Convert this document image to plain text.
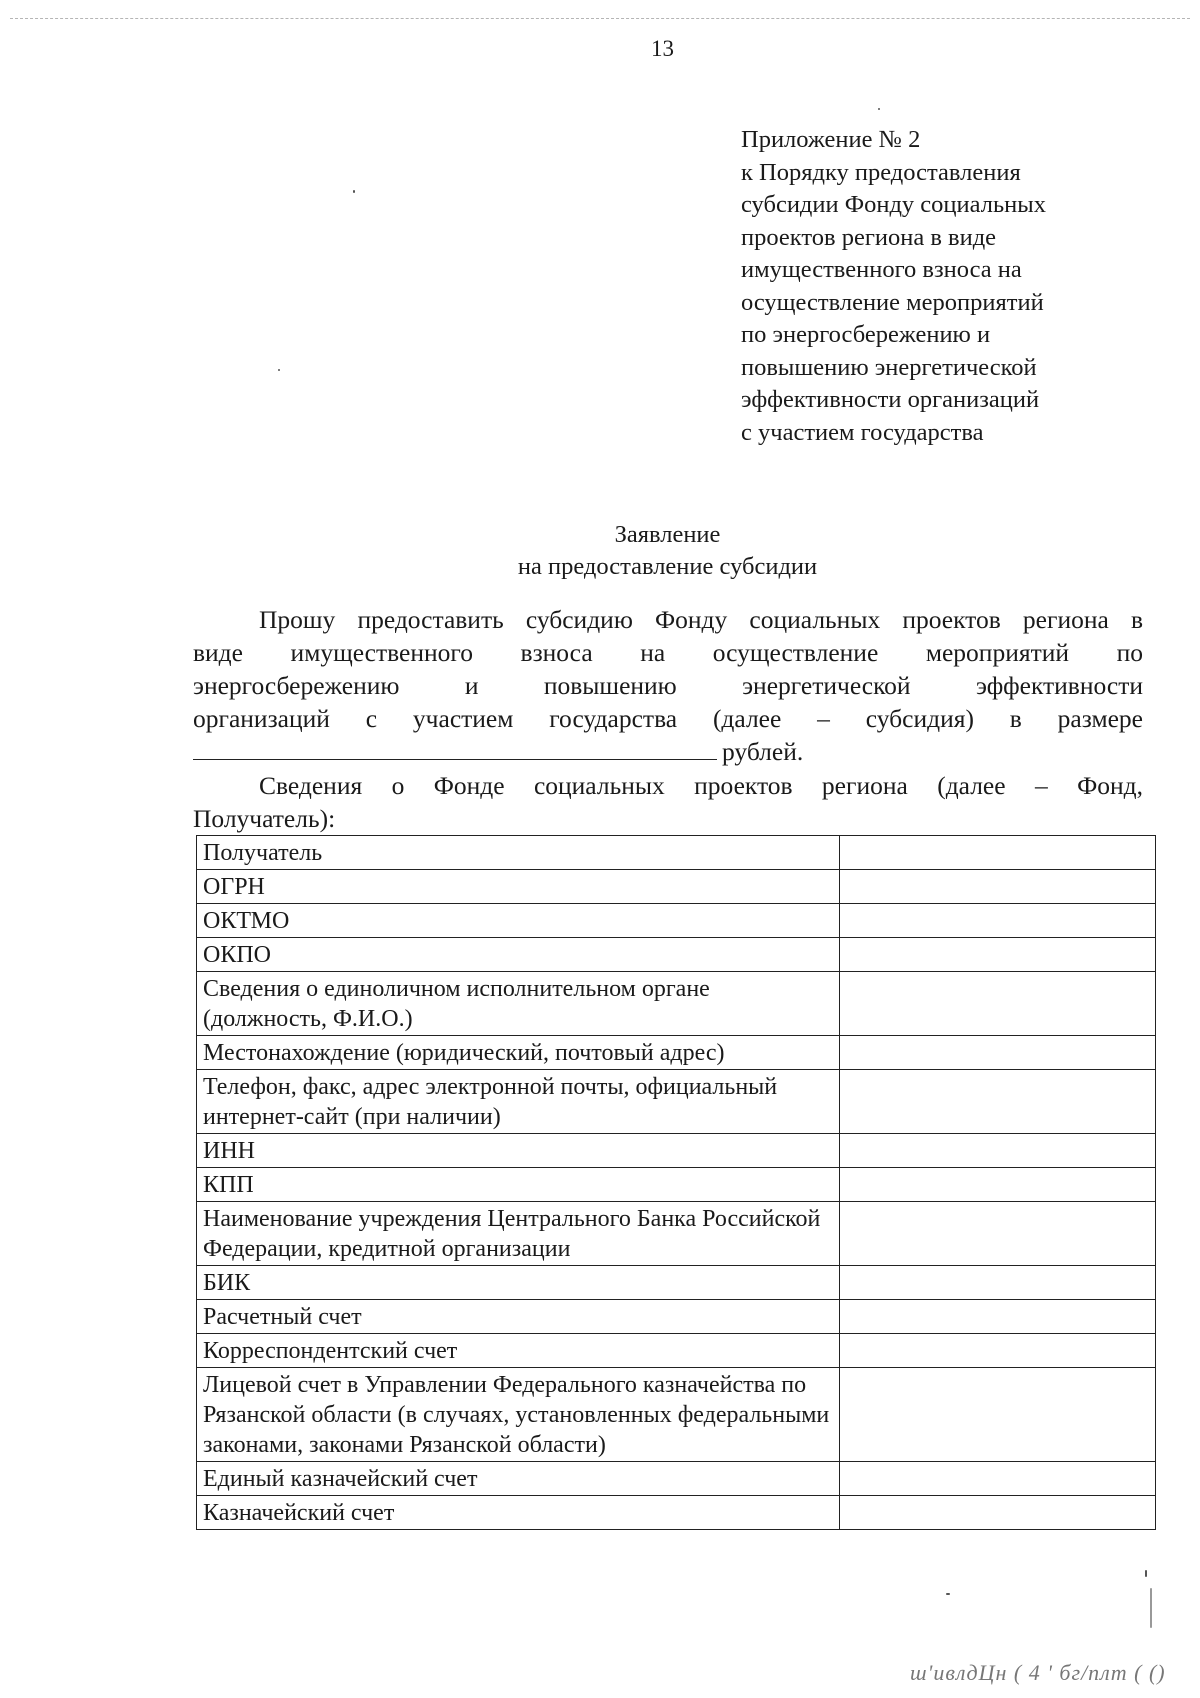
13
Приложение № 2
к Порядку предоставления
субсидии Фонду социальных
проектов региона в виде
имущественного взноса на
осуществление мероприятий
по энергосбережению и
повышению энергетической
эффективности организаций
с участием государства
Заявление
на предоставление субсидии
Прошу предоставить субсидию Фонду социальных проектов региона в
виде имущественного взноса на осуществление мероприятий по
энергосбережению и повышению энергетической эффективности
организаций с участием государства (далее – субсидия) в размере
рублей.
Сведения о Фонде социальных проектов региона (далее – Фонд,
Получатель):
Получатель	
ОГРН	
ОКТМО	
ОКПО	
Сведения о единоличном исполнительном органе (должность, Ф.И.О.)	
Местонахождение (юридический, почтовый адрес)	
Телефон, факс, адрес электронной почты, официальный интернет-сайт (при наличии)	
ИНН	
КПП	
Наименование учреждения Центрального Банка Российской Федерации, кредитной организации	
БИК	
Расчетный счет	
Корреспондентский счет	
Лицевой счет в Управлении Федерального казначейства по Рязанской области (в случаях, установленных федеральными законами, законами Рязанской области)	
Единый казначейский счет	
Казначейский счет	
ш'ивлдЦн ( 4 ' бг/плт ( ()
